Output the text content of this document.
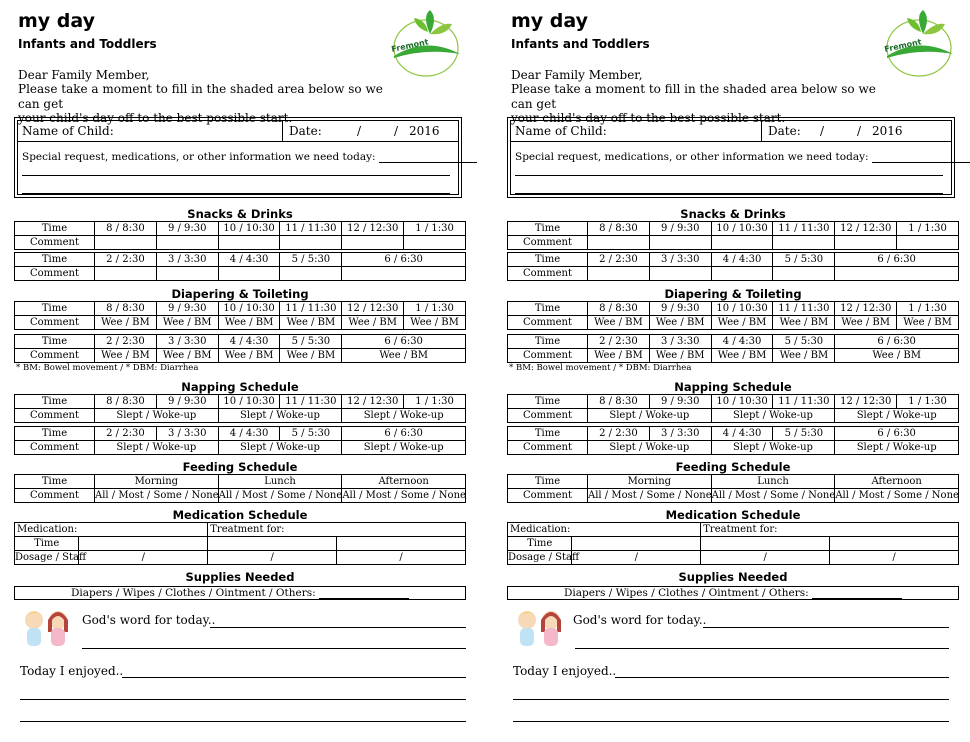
my day
Infants and Toddlers	Fremont
Dear Family Member,
Please take a moment to fill in the shaded area below so we can get
your child's day off to the best possible start.
Name of Child:	Date:	/	/ 2016
Special request, medications, or other information we need today:
Snacks & Drinks
Time	8 / 8:30	9 / 9:30	10 / 10:30	11 / 11:30	12 / 12:30	1 / 1:30
Comment						
Time	2 / 2:30	3 / 3:30	4 / 4:30	5 / 5:30	6 / 6:30
Comment					
Diapering & Toileting
Time	8 / 8:30	9 / 9:30	10 / 10:30	11 / 11:30	12 / 12:30	1 / 1:30
Comment	Wee / BM	Wee / BM	Wee / BM	Wee / BM	Wee / BM	Wee / BM
Time	2 / 2:30	3 / 3:30	4 / 4:30	5 / 5:30	6 / 6:30
Comment	Wee / BM	Wee / BM	Wee / BM	Wee / BM	Wee / BM
* BM: Bowel movement / * DBM: Diarrhea
Napping Schedule
Time	8 / 8:30	9 / 9:30	10 / 10:30	11 / 11:30	12 / 12:30	1 / 1:30
Comment	Slept / Woke-up		Slept / Woke-up		Slept / Woke-up	
Time	2 / 2:30	3 / 3:30	4 / 4:30	5 / 5:30	6 / 6:30
Comment	Slept / Woke-up		Slept / Woke-up		Slept / Woke-up
Feeding Schedule
Time	Morning		Lunch		Afternoon	
Comment	All / Most / Some / None		All / Most / Some / None		All / Most / Some / None	

Medication Schedule
Medication:			Treatment for:			
Time						
Dosage / Staff	/		/		/	

Supplies Needed
Diapers / Wipes / Clothes / Ointment / Others:
God's word for today..
Today I enjoyed..
my day
Infants and Toddlers	Fremont
Dear Family Member,
Please take a moment to fill in the shaded area below so we can get
your child's day off to the best possible start.
Name of Child:	Date: /	/ 2016
Special request, medications, or other information we need today:
Snacks & Drinks
Time	8 / 8:30	9 / 9:30	10 / 10:30	11 / 11:30	12 / 12:30	1 / 1:30
Comment						
Time	2 / 2:30	3 / 3:30	4 / 4:30	5 / 5:30	6 / 6:30
Comment					
Diapering & Toileting
Time	8 / 8:30	9 / 9:30	10 / 10:30	11 / 11:30	12 / 12:30	1 / 1:30
Comment	Wee / BM	Wee / BM	Wee / BM	Wee / BM	Wee / BM	Wee / BM
Time	2 / 2:30	3 / 3:30	4 / 4:30	5 / 5:30	6 / 6:30
Comment	Wee / BM	Wee / BM	Wee / BM	Wee / BM	Wee / BM
* BM: Bowel movement / * DBM: Diarrhea
Napping Schedule
Time	8 / 8:30	9 / 9:30	10 / 10:30	11 / 11:30	12 / 12:30	1 / 1:30
Comment	Slept / Woke-up		Slept / Woke-up		Slept / Woke-up	
Time	2 / 2:30	3 / 3:30	4 / 4:30	5 / 5:30	6 / 6:30
Comment	Slept / Woke-up		Slept / Woke-up		Slept / Woke-up
Feeding Schedule
Time	Morning		Lunch		Afternoon	
Comment	All / Most / Some / None		All / Most / Some / None		All / Most / Some / None	

Medication Schedule
Medication:			Treatment for:			
Time						
Dosage / Staff	/		/		/	

Supplies Needed
Diapers / Wipes / Clothes / Ointment / Others:
God's word for today..
Today I enjoyed..
